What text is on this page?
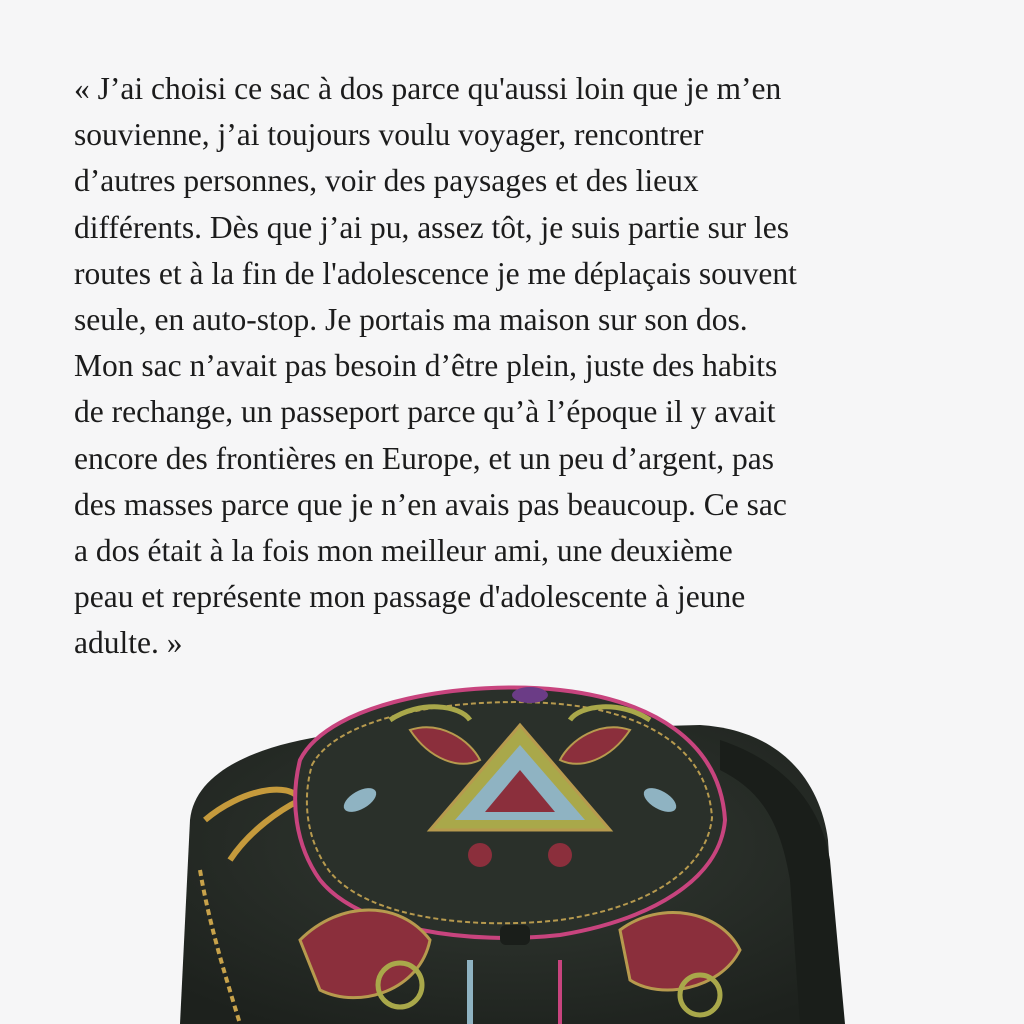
« J’ai choisi ce sac à dos parce qu'aussi loin que je m’en
souvienne, j’ai toujours voulu voyager, rencontrer
d’autres personnes, voir des paysages et des lieux
différents. Dès que j’ai pu, assez tôt, je suis partie sur les
routes et à la fin de l'adolescence je me déplaçais souvent
seule, en auto-stop. Je portais ma maison sur son dos.
Mon sac n’avait pas besoin d’être plein, juste des habits
de rechange, un passeport parce qu’à l’époque il y avait
encore des frontières en Europe, et un peu d’argent, pas
des masses parce que je n’en avais pas beaucoup. Ce sac
a dos était à la fois mon meilleur ami, une deuxième
peau et représente mon passage d'adolescente à jeune
adulte. »
